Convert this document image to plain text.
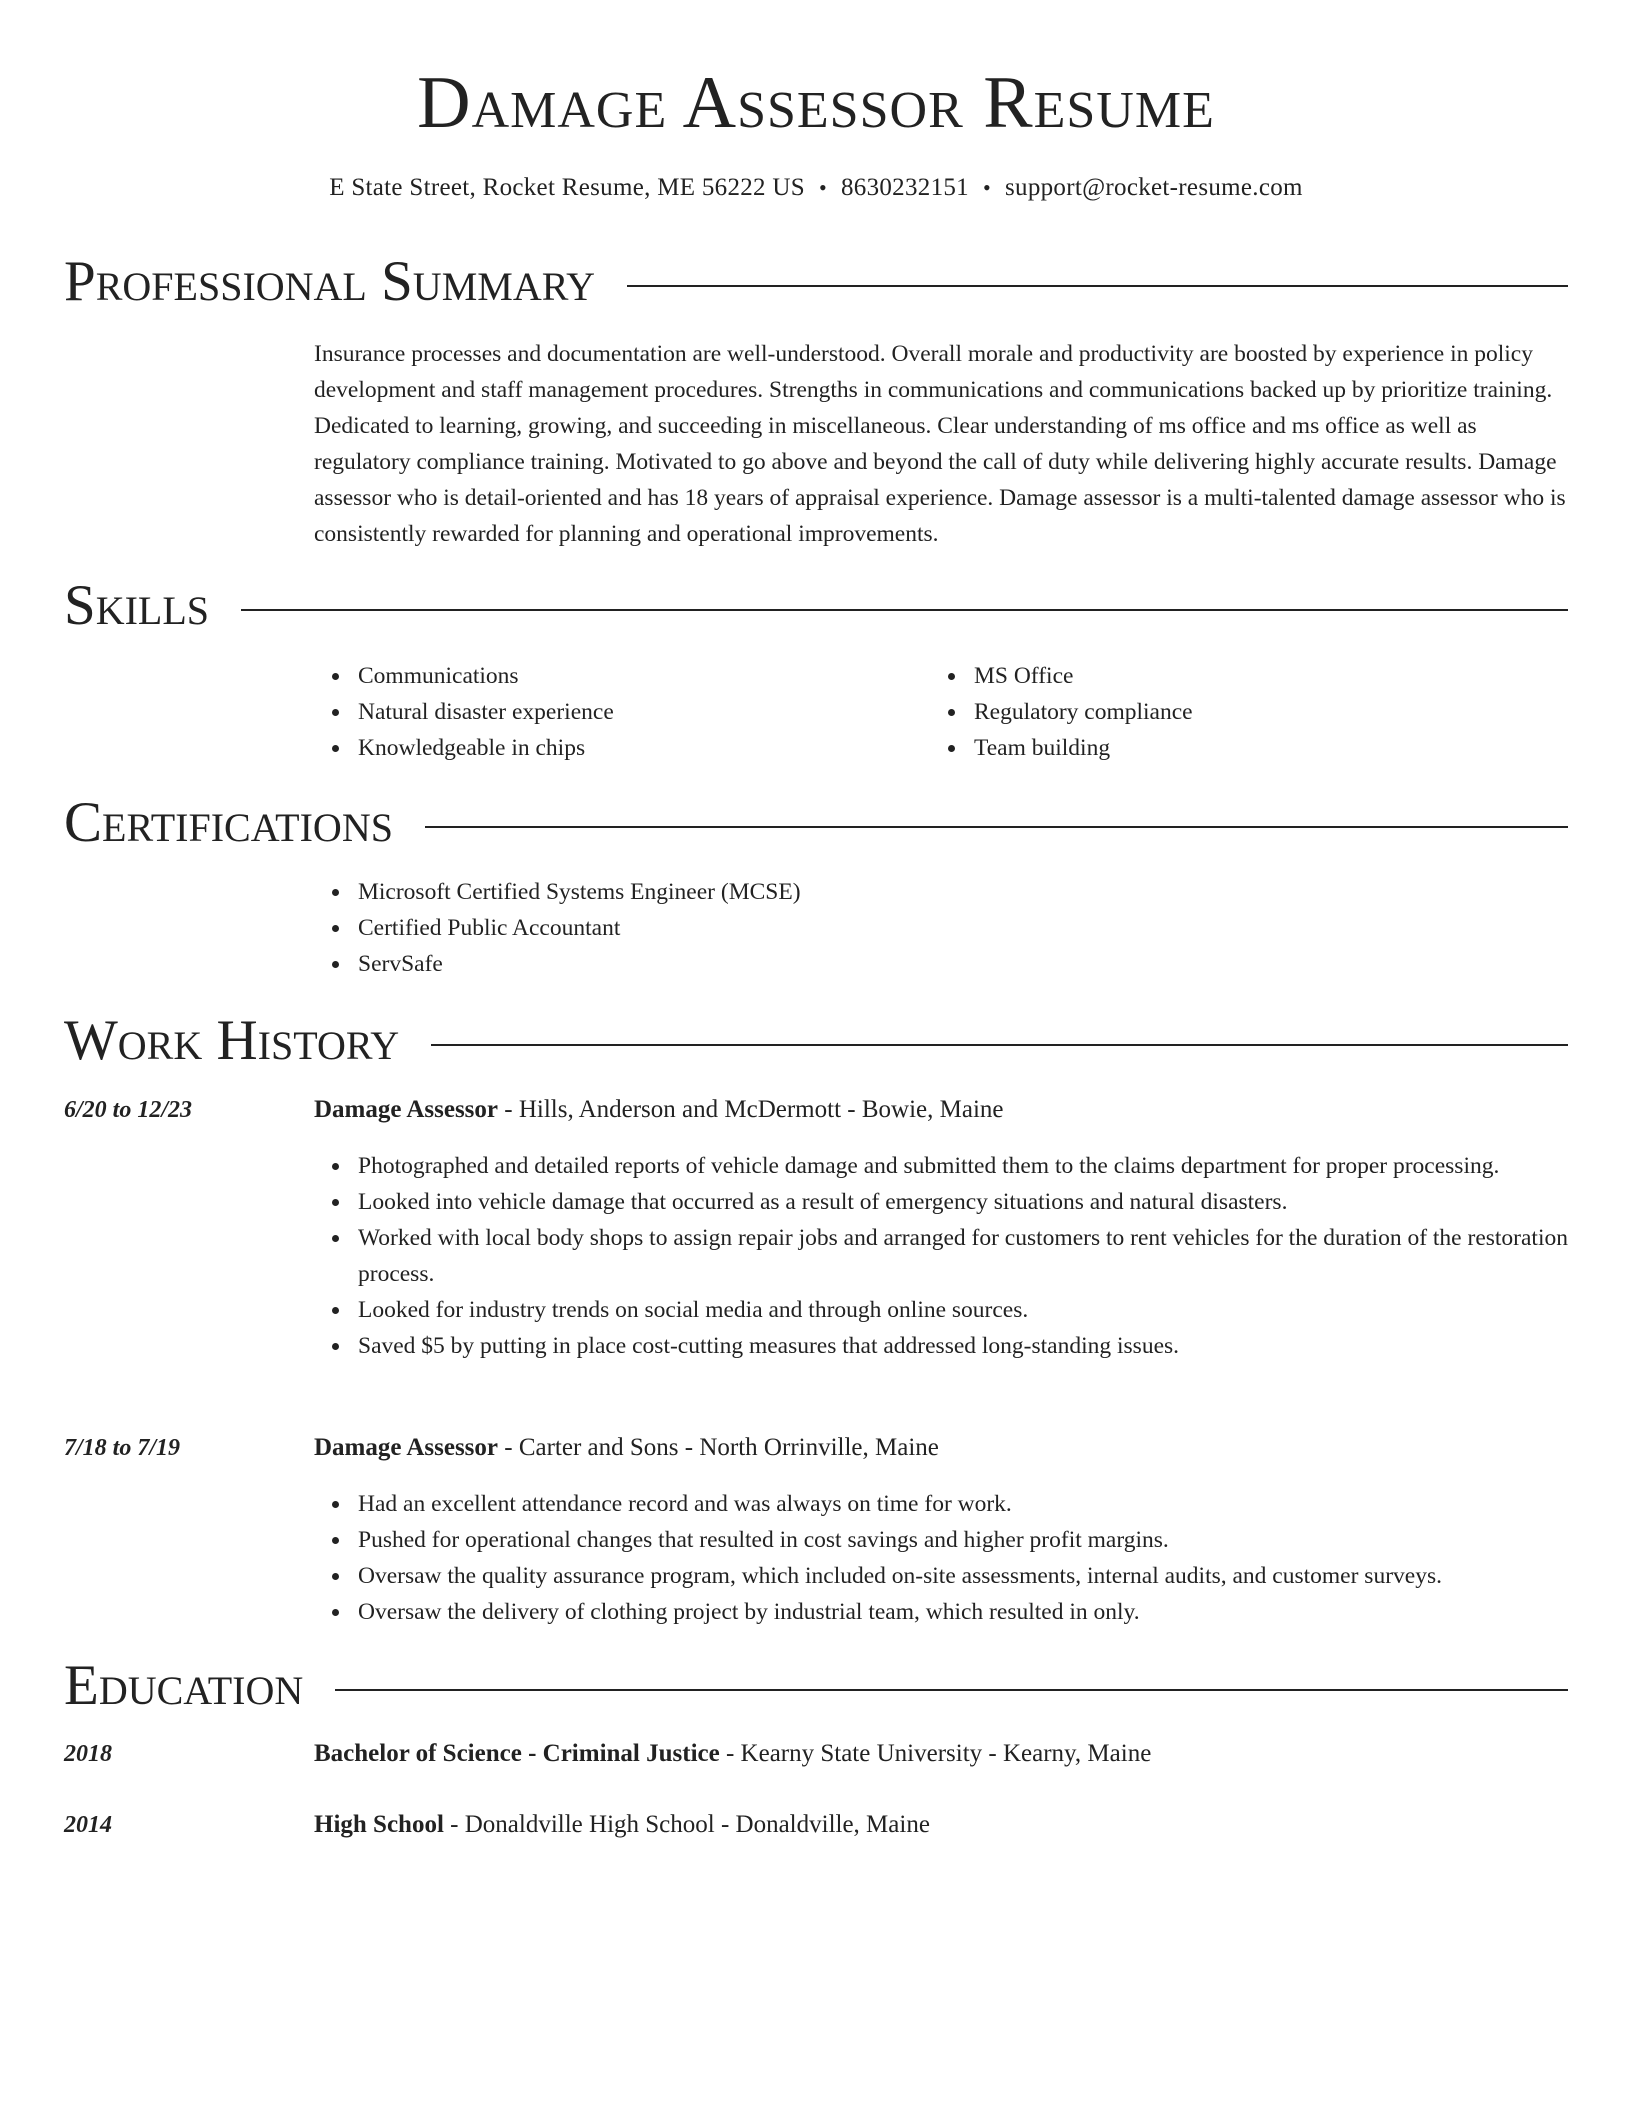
Damage Assessor Resume
E State Street, Rocket Resume, ME 56222 US • 8630232151 • support@rocket-resume.com
Professional Summary
Insurance processes and documentation are well-understood. Overall morale and productivity are boosted by experience in policy development and staff management procedures. Strengths in communications and communications backed up by prioritize training. Dedicated to learning, growing, and succeeding in miscellaneous. Clear understanding of ms office and ms office as well as regulatory compliance training. Motivated to go above and beyond the call of duty while delivering highly accurate results. Damage assessor who is detail-oriented and has 18 years of appraisal experience. Damage assessor is a multi-talented damage assessor who is consistently rewarded for planning and operational improvements.
Skills
Communications
Natural disaster experience
Knowledgeable in chips
MS Office
Regulatory compliance
Team building
Certifications
Microsoft Certified Systems Engineer (MCSE)
Certified Public Accountant
ServSafe
Work History
6/20 to 12/23	Damage Assessor - Hills, Anderson and McDermott - Bowie, Maine
Photographed and detailed reports of vehicle damage and submitted them to the claims department for proper processing.
Looked into vehicle damage that occurred as a result of emergency situations and natural disasters.
Worked with local body shops to assign repair jobs and arranged for customers to rent vehicles for the duration of the restoration process.
Looked for industry trends on social media and through online sources.
Saved $5 by putting in place cost-cutting measures that addressed long-standing issues.
7/18 to 7/19	Damage Assessor - Carter and Sons - North Orrinville, Maine
Had an excellent attendance record and was always on time for work.
Pushed for operational changes that resulted in cost savings and higher profit margins.
Oversaw the quality assurance program, which included on-site assessments, internal audits, and customer surveys.
Oversaw the delivery of clothing project by industrial team, which resulted in only.
Education
2018	Bachelor of Science - Criminal Justice - Kearny State University - Kearny, Maine
2014	High School - Donaldville High School - Donaldville, Maine
